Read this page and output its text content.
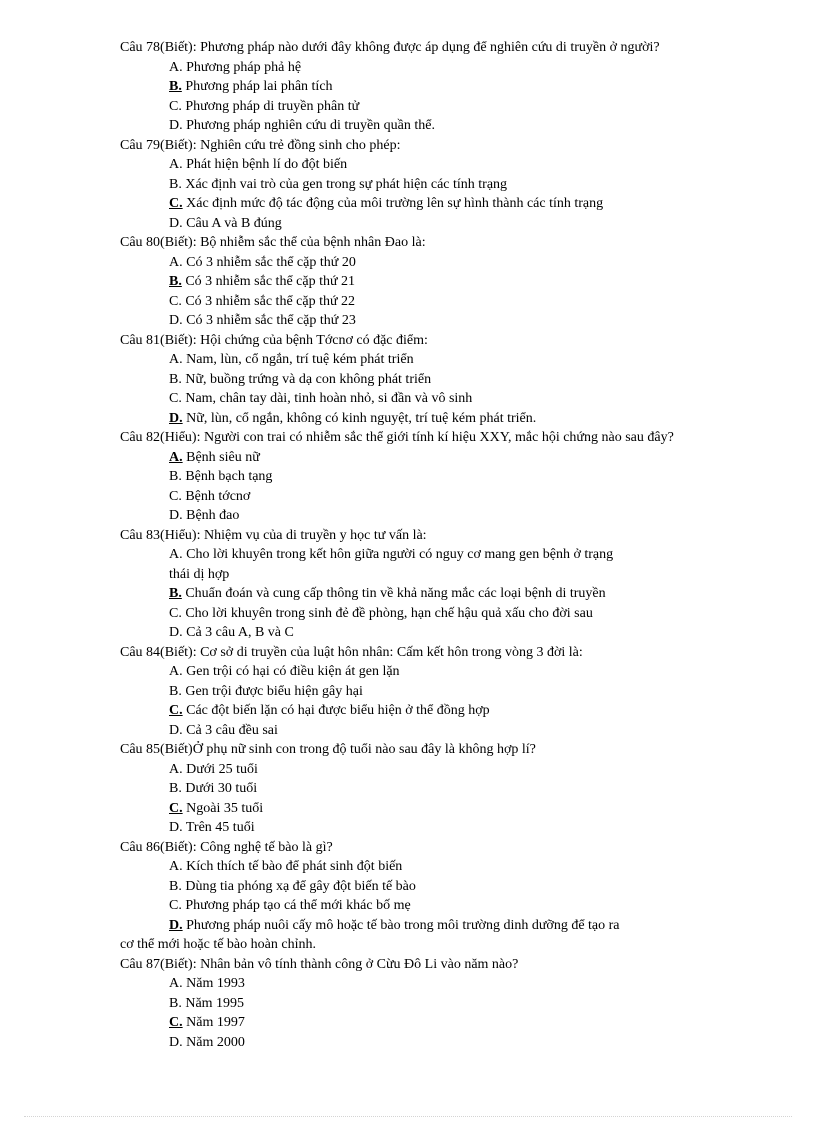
Câu 78(Biết): Phương pháp nào dưới đây không được áp dụng để nghiên cứu di truyền ở người?

A. Phương pháp phả hệ

B. Phương pháp lai phân tích

C. Phương pháp di truyền phân tử

D. Phương pháp nghiên cứu di truyền quần thể.

Câu 79(Biết): Nghiên cứu trẻ đồng sinh cho phép:

A. Phát hiện bệnh lí do đột biến

B. Xác định vai trò của gen trong sự phát hiện các tính trạng

C. Xác định mức độ tác động của môi trường lên sự hình thành các tính trạng

D. Câu A và B đúng

Câu 80(Biết): Bộ nhiễm sắc thể của bệnh nhân Đao là:

A. Có 3 nhiễm sắc thể cặp thứ 20

B. Có 3 nhiễm sắc thể cặp thứ 21

C. Có 3 nhiễm sắc thể cặp thứ 22

D. Có 3 nhiễm sắc thể cặp thứ 23

Câu 81(Biết): Hội chứng của bệnh Tớcnơ có đặc điểm:

A. Nam, lùn, cổ ngắn, trí tuệ kém phát triển

B. Nữ, buồng trứng và dạ con không phát triển

C. Nam, chân tay dài, tinh hoàn nhỏ, si đần và vô sinh

D. Nữ, lùn, cổ ngắn, không có kinh nguyệt, trí tuệ kém phát triển.

Câu 82(Hiểu): Người con trai có nhiễm sắc thể giới tính kí hiệu XXY, mắc hội chứng nào sau đây?

A. Bệnh siêu nữ

B. Bệnh bạch tạng

C. Bệnh tớcnơ

D. Bệnh đao

Câu 83(Hiểu): Nhiệm vụ của di truyền y học tư vấn là:

A. Cho lời khuyên trong kết hôn giữa người có nguy cơ mang gen bệnh ở trạng
thái dị hợp

B. Chuẩn đoán và cung cấp thông tin về khả năng mắc các loại bệnh di truyền

C. Cho lời khuyên trong sinh đẻ đề phòng, hạn chế hậu quả xấu cho đời sau

D. Cả 3 câu A, B và C

Câu 84(Biết): Cơ sở di truyền của luật hôn nhân: Cấm kết hôn trong vòng 3 đời là:

A. Gen trội có hại có điều kiện át gen lặn

B. Gen trội được biểu hiện gây hại

C. Các đột biến lặn có hại được biểu hiện ở thể đồng hợp

D. Cả 3 câu đều sai

Câu 85(Biết)Ở phụ nữ sinh con trong độ tuổi nào sau đây là không hợp lí?

A. Dưới 25 tuổi

B. Dưới 30 tuổi

C. Ngoài 35 tuổi

D. Trên 45 tuổi

Câu 86(Biết): Công nghệ tế bào là gì?

A. Kích thích tế bào để phát sinh đột biến

B. Dùng tia phóng xạ để gây đột biến tế bào

C. Phương pháp tạo cá thể mới khác bố mẹ

D. Phương pháp nuôi cấy mô hoặc tế bào trong môi trường dinh dưỡng để tạo ra
cơ thể mới hoặc tế bào hoàn chỉnh.

Câu 87(Biết): Nhân bản vô tính thành công ở Cừu Đô Li vào năm nào?

A. Năm 1993

B. Năm 1995

C. Năm 1997

D. Năm 2000
